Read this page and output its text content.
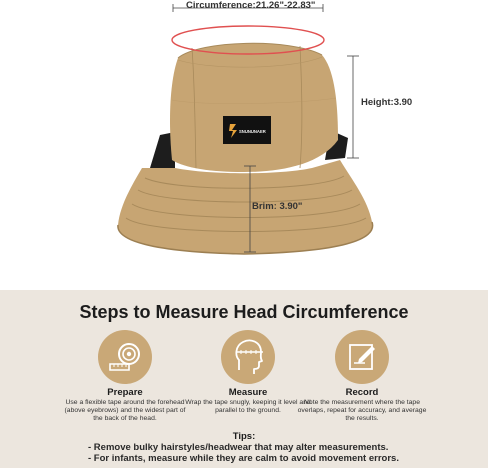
SNUNUNAER
Circumference:21.26"-22.83"
Height:3.90
Brimː 3.90"
Steps to Measure Head Circumference
Prepare
Use a flexible tape around the forehead (above eyebrows) and the widest part of the back of the head.
Measure
Wrap the tape snugly, keeping it level and parallel to the ground.
Record
Note the measurement where the tape overlaps, repeat for accuracy, and average the results.
Tips:
- Remove bulky hairstyles/headwear that may alter measurements.
- For infants, measure while they are calm to avoid movement errors.
